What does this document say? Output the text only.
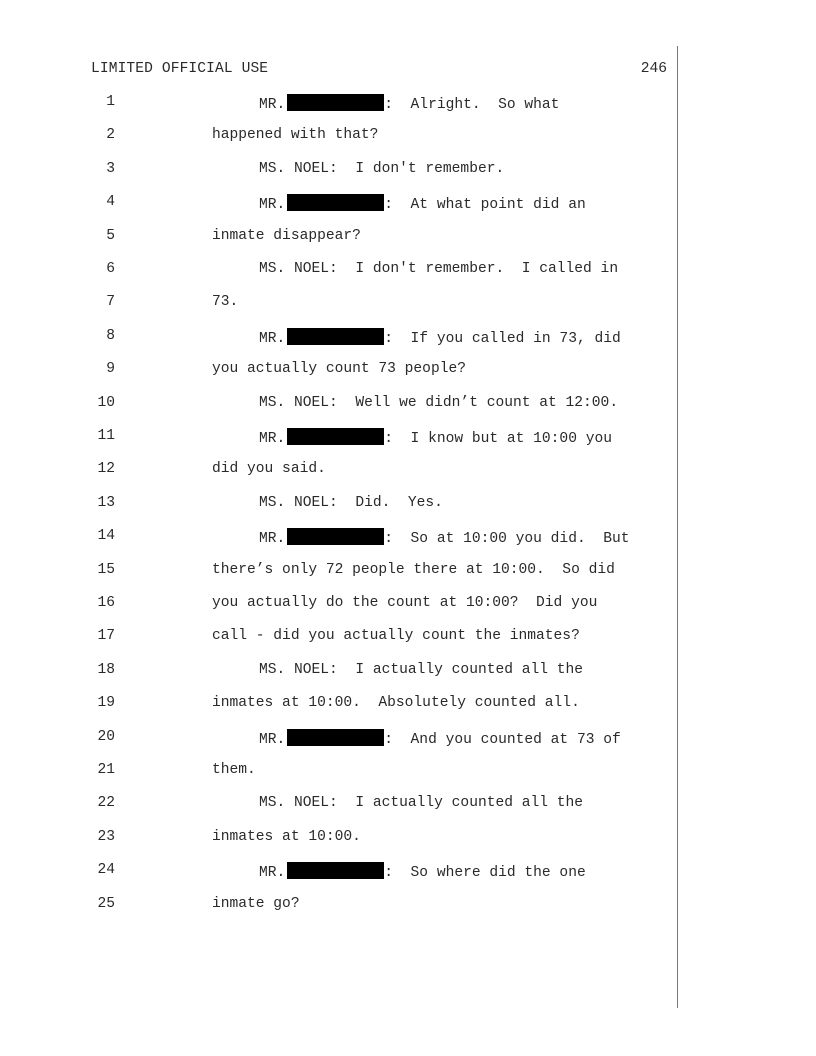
LIMITED OFFICIAL USE	246
1	MR.	:  Alright.  So what
2	happened with that?
3	MS. NOEL:  I don't remember.
4	MR.	:  At what point did an
5	inmate disappear?
6	MS. NOEL:  I don't remember.  I called in
7	73.
8	MR.	:  If you called in 73, did
9	you actually count 73 people?
10	MS. NOEL:  Well we didn’t count at 12:00.
11	MR.	:  I know but at 10:00 you
12	did you said.
13	MS. NOEL:  Did.  Yes.
14	MR.	:  So at 10:00 you did.  But
15	there’s only 72 people there at 10:00.  So did
16	you actually do the count at 10:00?  Did you
17	call - did you actually count the inmates?
18	MS. NOEL:  I actually counted all the
19	inmates at 10:00.  Absolutely counted all.
20	MR.	:  And you counted at 73 of
21	them.
22	MS. NOEL:  I actually counted all the
23	inmates at 10:00.
24	MR.	:  So where did the one
25	inmate go?
